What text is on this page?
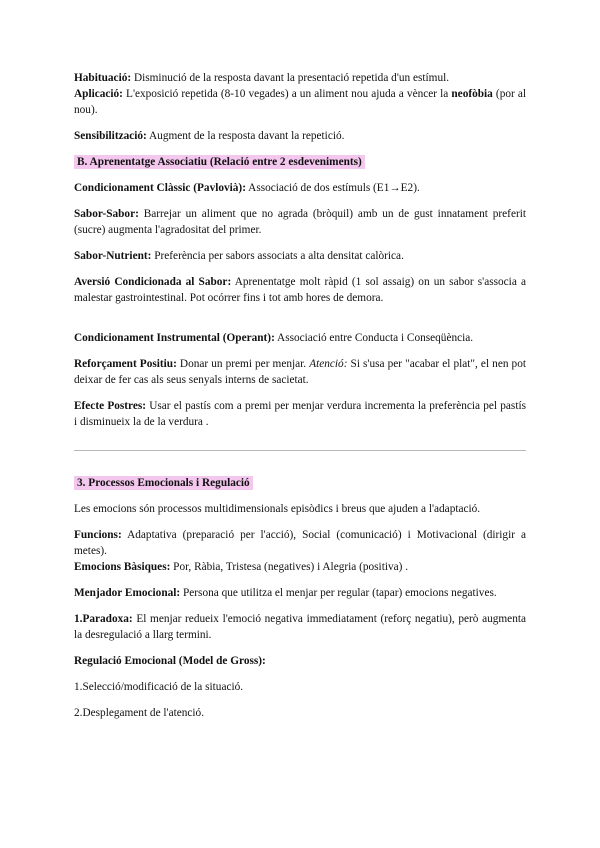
Habituació: Disminució de la resposta davant la presentació repetida d'un estímul.

Aplicació: L'exposició repetida (8-10 vegades) a un aliment nou ajuda a vèncer la neofòbia (por al nou).

Sensibilització: Augment de la resposta davant la repetició.

B. Aprenentatge Associatiu (Relació entre 2 esdeveniments)

Condicionament Clàssic (Pavlovià): Associació de dos estímuls (E1→E2).

Sabor-Sabor: Barrejar un aliment que no agrada (bròquil) amb un de gust innatament preferit (sucre) augmenta l'agradositat del primer.

Sabor-Nutrient: Preferència per sabors associats a alta densitat calòrica.

Aversió Condicionada al Sabor: Aprenentatge molt ràpid (1 sol assaig) on un sabor s'associa a malestar gastrointestinal. Pot ocórrer fins i tot amb hores de demora.

Condicionament Instrumental (Operant): Associació entre Conducta i Conseqüència.

Reforçament Positiu: Donar un premi per menjar. Atenció: Si s'usa per "acabar el plat", el nen pot deixar de fer cas als seus senyals interns de sacietat.

Efecte Postres: Usar el pastís com a premi per menjar verdura incrementa la preferència pel pastís i disminueix la de la verdura .

3. Processos Emocionals i Regulació

Les emocions són processos multidimensionals episòdics i breus que ajuden a l'adaptació.

Funcions: Adaptativa (preparació per l'acció), Social (comunicació) i Motivacional (dirigir a metes).

Emocions Bàsiques: Por, Ràbia, Tristesa (negatives) i Alegria (positiva) .

Menjador Emocional: Persona que utilitza el menjar per regular (tapar) emocions negatives.

1.Paradoxa: El menjar redueix l'emoció negativa immediatament (reforç negatiu), però augmenta la desregulació a llarg termini.

Regulació Emocional (Model de Gross):

1.Selecció/modificació de la situació.

2.Desplegament de l'atenció.
